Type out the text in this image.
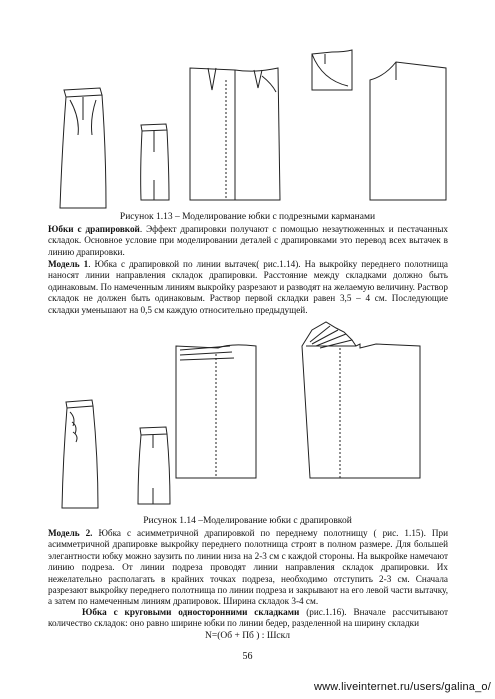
Рисунок 1.13 – Моделирование юбки с подрезными карманами
Юбки с драпировкой. Эффект драпировки получают с помощью незаутюженных и пестачанных складок. Основное условие при моделировании деталей с драпировками это перевод всех вытачек в линию драпировки.
Модель 1. Юбка с драпировкой по линии вытачек( рис.1.14). На выкройку переднего полотнища наносят линии направления складок драпировки. Расстояние между складками должно быть одинаковым. По намеченным линиям выкройку разрезают и разводят на желаемую величину. Раствор складок не должен быть одинаковым. Раствор первой складки равен 3,5 – 4 см. Последующие складки уменьшают на 0,5 см каждую относительно предыдущей.
Рисунок 1.14 –Моделирование юбки с драпировкой
Модель 2. Юбка с асимметричной драпировкой по переднему полотнищу ( рис. 1.15). При асимметричной драпировке выкройку переднего полотнища строят в полном размере. Для большей элегантности юбку можно заузить по линии низа на 2-3 см с каждой стороны. На выкройке намечают линию подреза. От линии подреза проводят линии направления складок драпировки. Их нежелательно располагать в крайних точках подреза, необходимо отступить 2-3 см. Сначала разрезают выкройку переднего полотнища по линии подреза и закрывают на его левой части вытачку, а затем по намеченным линиям драпировок. Ширина складок 3-4 см.
Юбка с круговыми односторонними складками (рис.1.16). Вначале рассчитывают количество складок: оно равно ширине юбки по линии бедер, разделенной на ширину складки
N=(Об + Пб ) : Шскл
56
www.liveinternet.ru/users/galina_o/
